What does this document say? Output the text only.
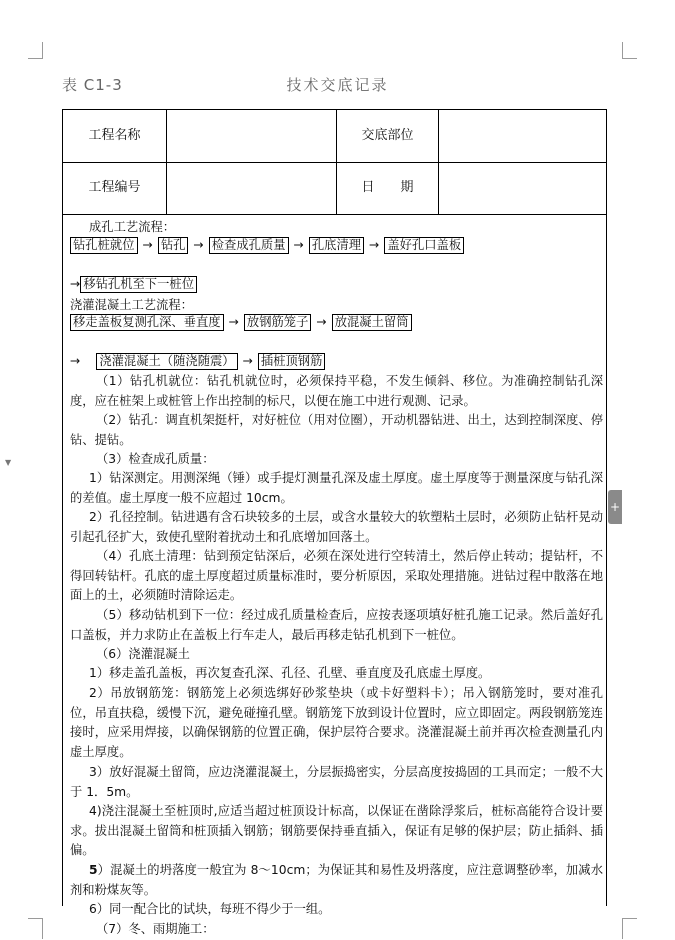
表 C1-3	技术交底记录
▼
+
工程名称	交底部位
工程编号	日　　期
成孔工艺流程：
钻孔桩就位 → 钻孔 → 检查成孔质量 → 孔底清理 → 盖好孔口盖板
→ 移钻孔机至下一桩位
浇灌混凝土工艺流程：
移走盖板复测孔深、垂直度 → 放钢筋笼子 → 放混凝土留筒
→ 浇灌混凝土（随浇随震） → 插桩顶钢筋
（1）钻孔机就位：钻孔机就位时，必须保持平稳，不发生倾斜、移位。为准确控制钻孔深度，应在桩架上或桩管上作出控制的标尺，以便在施工中进行观测、记录。
（2）钻孔：调直机架挺杆，对好桩位（用对位圈），开动机器钻进、出土，达到控制深度、停钻、提钻。
（3）检查成孔质量：
1）钻深测定。用测深绳（锤）或手提灯测量孔深及虚土厚度。虚土厚度等于测量深度与钻孔深的差值。虚土厚度一般不应超过 10cm。
2）孔径控制。钻进遇有含石块较多的土层，或含水量较大的软塑粘土层时，必须防止钻杆晃动引起孔径扩大，致使孔壁附着扰动土和孔底增加回落土。
（4）孔底土清理：钻到预定钻深后，必须在深处进行空转清土，然后停止转动；提钻杆，不得回转钻杆。孔底的虚土厚度超过质量标准时，要分析原因，采取处理措施。进钻过程中散落在地面上的土，必须随时清除运走。
（5）移动钻机到下一位：经过成孔质量检查后，应按表逐项填好桩孔施工记录。然后盖好孔口盖板，并力求防止在盖板上行车走人，最后再移走钻孔机到下一桩位。
（6）浇灌混凝土
1）移走盖孔盖板，再次复查孔深、孔径、孔壁、垂直度及孔底虚土厚度。
2）吊放钢筋笼：钢筋笼上必须选绑好砂浆垫块（或卡好塑料卡）；吊入钢筋笼时，要对准孔位，吊直扶稳，缓慢下沉，避免碰撞孔壁。钢筋笼下放到设计位置时，应立即固定。两段钢筋笼连接时，应采用焊接，以确保钢筋的位置正确，保护层符合要求。浇灌混凝土前并再次检查测量孔内虚土厚度。
3）放好混凝土留筒，应边浇灌混凝土，分层振捣密实，分层高度按捣固的工具而定；一般不大于 1．5m。
4)浇注混凝土至桩顶时,应适当超过桩顶设计标高，以保证在凿除浮浆后，桩标高能符合设计要求。拔出混凝土留筒和桩顶插入钢筋；钢筋要保持垂直插入，保证有足够的保护层；防止插斜、插偏。
5）混凝土的坍落度一般宜为 8～10cm；为保证其和易性及坍落度，应注意调整砂率，加减水剂和粉煤灰等。
6）同一配合比的试块，每班不得少于一组。
（7）冬、雨期施工：
